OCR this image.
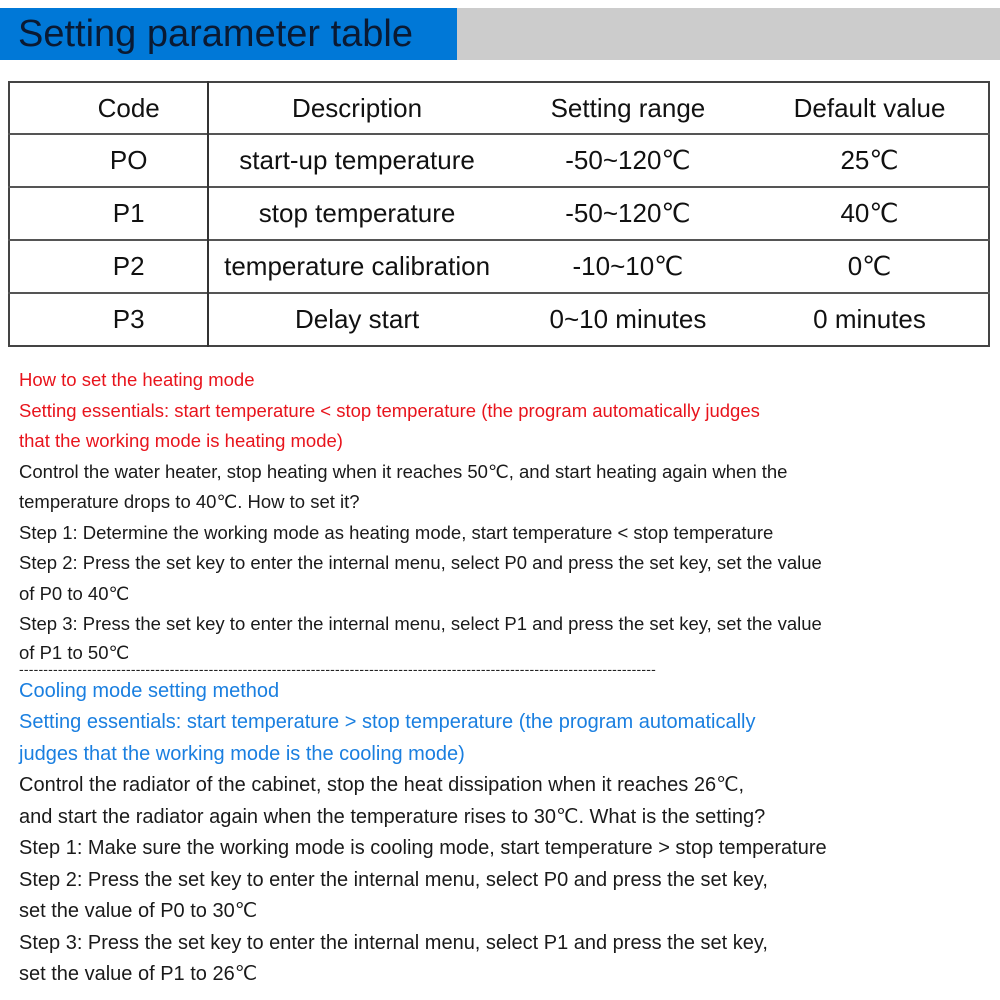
Setting parameter table
Code	Description	Setting range	Default value
PO	start-up temperature	-50~120℃	25℃
P1	stop temperature	-50~120℃	40℃
P2	temperature calibration	-10~10℃	0℃
P3	Delay start	0~10 minutes	0 minutes
How to set the heating mode
Setting essentials: start temperature < stop temperature (the program automatically judges
that the working mode is heating mode)
Control the water heater, stop heating when it reaches 50℃, and start heating again when the
temperature drops to 40℃. How to set it?
Step 1: Determine the working mode as heating mode, start temperature < stop temperature
Step 2: Press the set key to enter the internal menu, select P0 and press the set key, set the value
of P0 to 40℃
Step 3: Press the set key to enter the internal menu, select P1 and press the set key, set the value
of P1 to 50℃
-----------------------------------------------------------------------------------------------------------------------------------
Cooling mode setting method
Setting essentials: start temperature > stop temperature (the program automatically
judges that the working mode is the cooling mode)
Control the radiator of the cabinet, stop the heat dissipation when it reaches 26℃,
and start the radiator again when the temperature rises to 30℃. What is the setting?
Step 1: Make sure the working mode is cooling mode, start temperature > stop temperature
Step 2: Press the set key to enter the internal menu, select P0 and press the set key,
set the value of P0 to 30℃
Step 3: Press the set key to enter the internal menu, select P1 and press the set key,
set the value of P1 to 26℃
